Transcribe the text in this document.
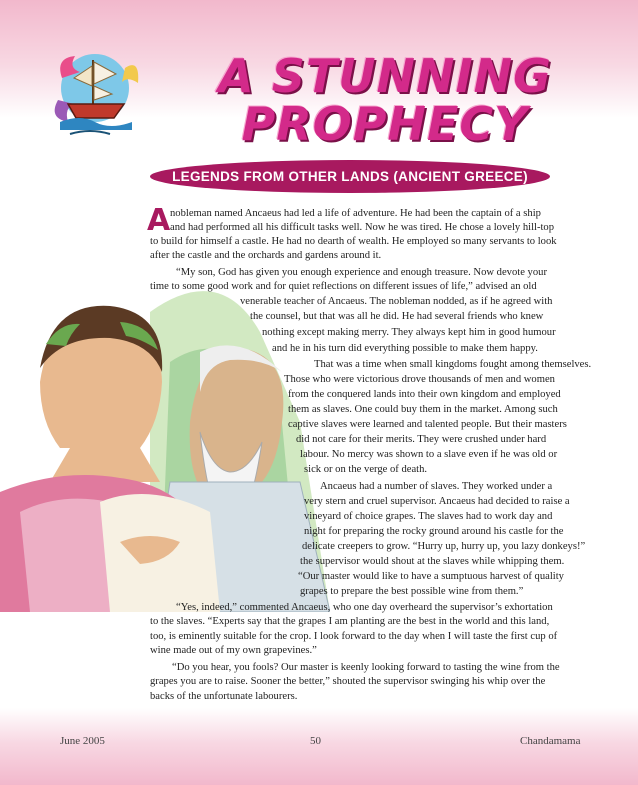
A STUNNING
PROPHECY
LEGENDS FROM OTHER LANDS (ANCIENT GREECE)
A nobleman named Ancaeus had led a life of adventure. He had been the captain of a ship

and had performed all his difficult tasks well. Now he was tired. He chose a lovely hill-top

to build for himself a castle. He had no dearth of wealth. He employed so many servants to look

after the castle and the orchards and gardens around it.

“My son, God has given you enough experience and enough treasure. Now devote your

time to some good work and for quiet reflections on different issues of life,” advised an old

venerable teacher of Ancaeus. The nobleman nodded, as if he agreed with

the counsel, but that was all he did. He had several friends who knew

nothing except making merry. They always kept him in good humour

and he in his turn did everything possible to make them happy.

That was a time when small kingdoms fought among themselves.

Those who were victorious drove thousands of men and women

from the conquered lands into their own kingdom and employed

them as slaves. One could buy them in the market. Among such

captive slaves were learned and talented people. But their masters

did not care for their merits. They were crushed under hard

labour. No mercy was shown to a slave even if he was old or

sick or on the verge of death.

Ancaeus had a number of slaves. They worked under a

very stern and cruel supervisor. Ancaeus had decided to raise a

vineyard of choice grapes. The slaves had to work day and

night for preparing the rocky ground around his castle for the

delicate creepers to grow. “Hurry up, hurry up, you lazy donkeys!”

the supervisor would shout at the slaves while whipping them.

“Our master would like to have a sumptuous harvest of quality

grapes to prepare the best possible wine from them.”

“Yes, indeed,” commented Ancaeus, who one day overheard the supervisor’s exhortation

to the slaves. “Experts say that the grapes I am planting are the best in the world and this land,

too, is eminently suitable for the crop. I look forward to the day when I will taste the first cup of

wine made out of my own grapevines.”

“Do you hear, you fools? Our master is keenly looking forward to tasting the wine from the

grapes you are to raise. Sooner the better,” shouted the supervisor swinging his whip over the

backs of the unfortunate labourers.

June 2005	50	Chandamama
